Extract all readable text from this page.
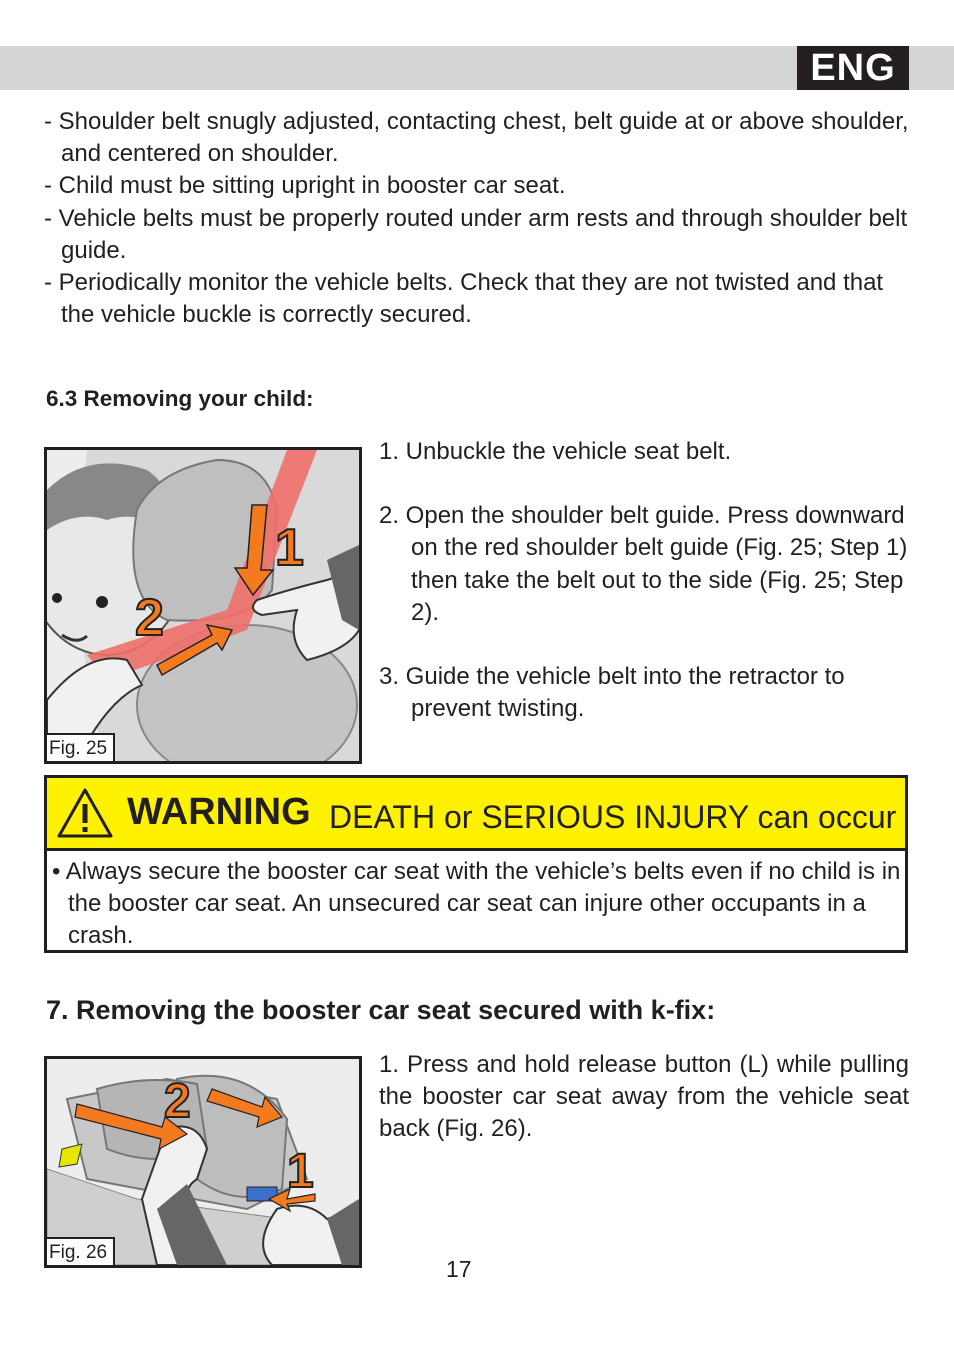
ENG
- Shoulder belt snugly adjusted, contacting chest, belt guide at or above shoulder, and centered on shoulder.
- Child must be sitting upright in booster car seat.
- Vehicle belts must be properly routed under arm rests and through shoulder belt guide.
- Periodically monitor the vehicle belts. Check that they are not twisted and that the vehicle buckle is correctly secured.
6.3 Removing your child:
1
2
Fig. 25
1. Unbuckle the vehicle seat belt.
2. Open the shoulder belt guide. Press downward on the red shoulder belt guide (Fig. 25; Step 1) then take the belt out to the side (Fig. 25; Step 2).
3. Guide the vehicle belt into the retractor to prevent twisting.
WARNING DEATH or SERIOUS INJURY can occur
• Always secure the booster car seat with the vehicle’s belts even if no child is in the booster car seat. An unsecured car seat can injure other occupants in a crash.
7. Removing the booster car seat secured with k-fix:
2
1
Fig. 26
1. Press and hold release button (L) while pulling the booster car seat away from the vehicle seat back (Fig. 26).
17
